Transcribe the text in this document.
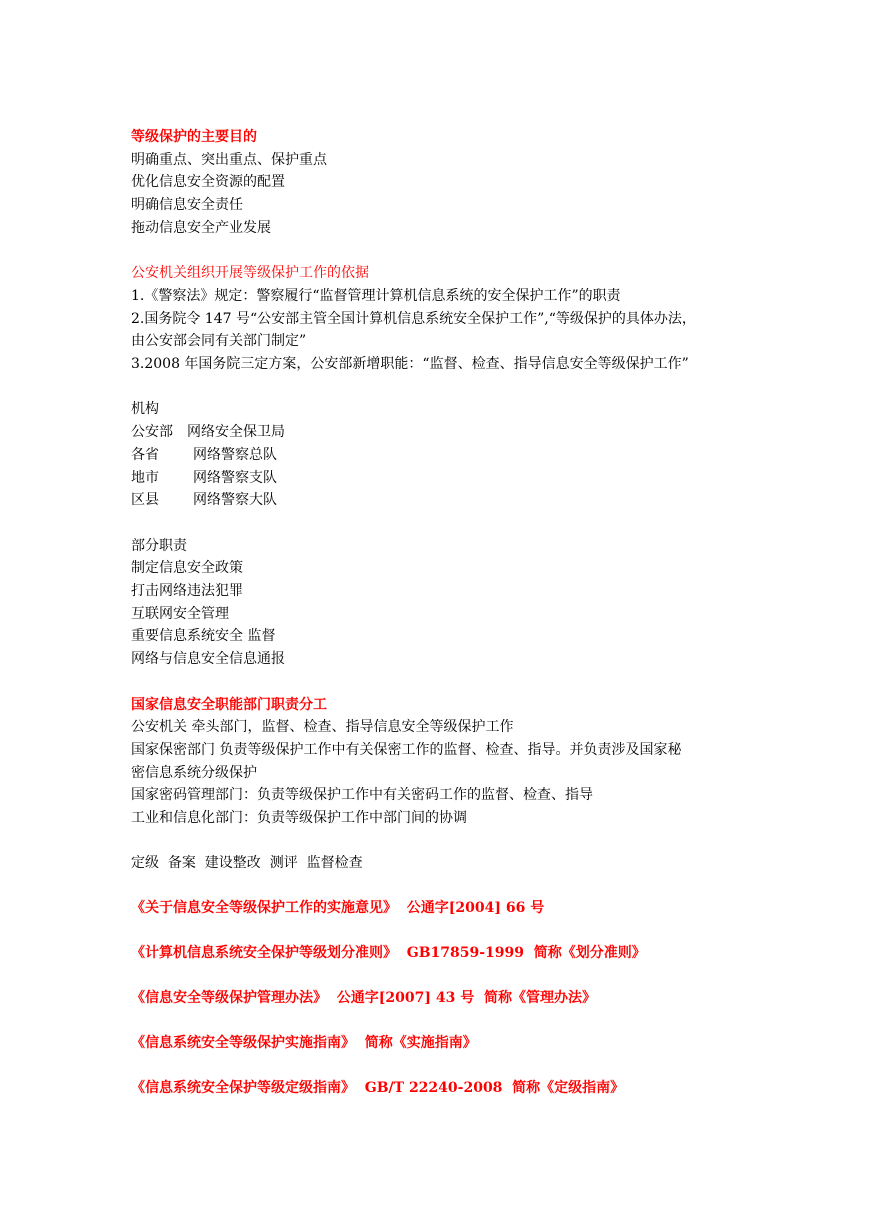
等级保护的主要目的

明确重点、突出重点、保护重点

优化信息安全资源的配置

明确信息安全责任

拖动信息安全产业发展

公安机关组织开展等级保护工作的依据

1.《警察法》规定：警察履行“监督管理计算机信息系统的安全保护工作”的职责

2.国务院令 147 号“公安部主管全国计算机信息系统安全保护工作”,“等级保护的具体办法，

由公安部会同有关部门制定”

3.2008 年国务院三定方案，公安部新增职能：“监督、检查、指导信息安全等级保护工作”

机构

公安部 网络安全保卫局

各省 网络警察总队

地市 网络警察支队

区县 网络警察大队

部分职责

制定信息安全政策

打击网络违法犯罪

互联网安全管理

重要信息系统安全 监督

网络与信息安全信息通报

国家信息安全职能部门职责分工

公安机关 牵头部门，监督、检查、指导信息安全等级保护工作

国家保密部门 负责等级保护工作中有关保密工作的监督、检查、指导。并负责涉及国家秘

密信息系统分级保护

国家密码管理部门：负责等级保护工作中有关密码工作的监督、检查、指导

工业和信息化部门：负责等级保护工作中部门间的协调

定级  备案  建设整改  测评  监督检查

《关于信息安全等级保护工作的实施意见》  公通字[2004] 66 号

《计算机信息系统安全保护等级划分准则》  GB17859-1999  简称《划分准则》

《信息安全等级保护管理办法》  公通字[2007] 43 号  简称《管理办法》

《信息系统安全等级保护实施指南》  简称《实施指南》

《信息系统安全保护等级定级指南》  GB/T 22240-2008  简称《定级指南》
